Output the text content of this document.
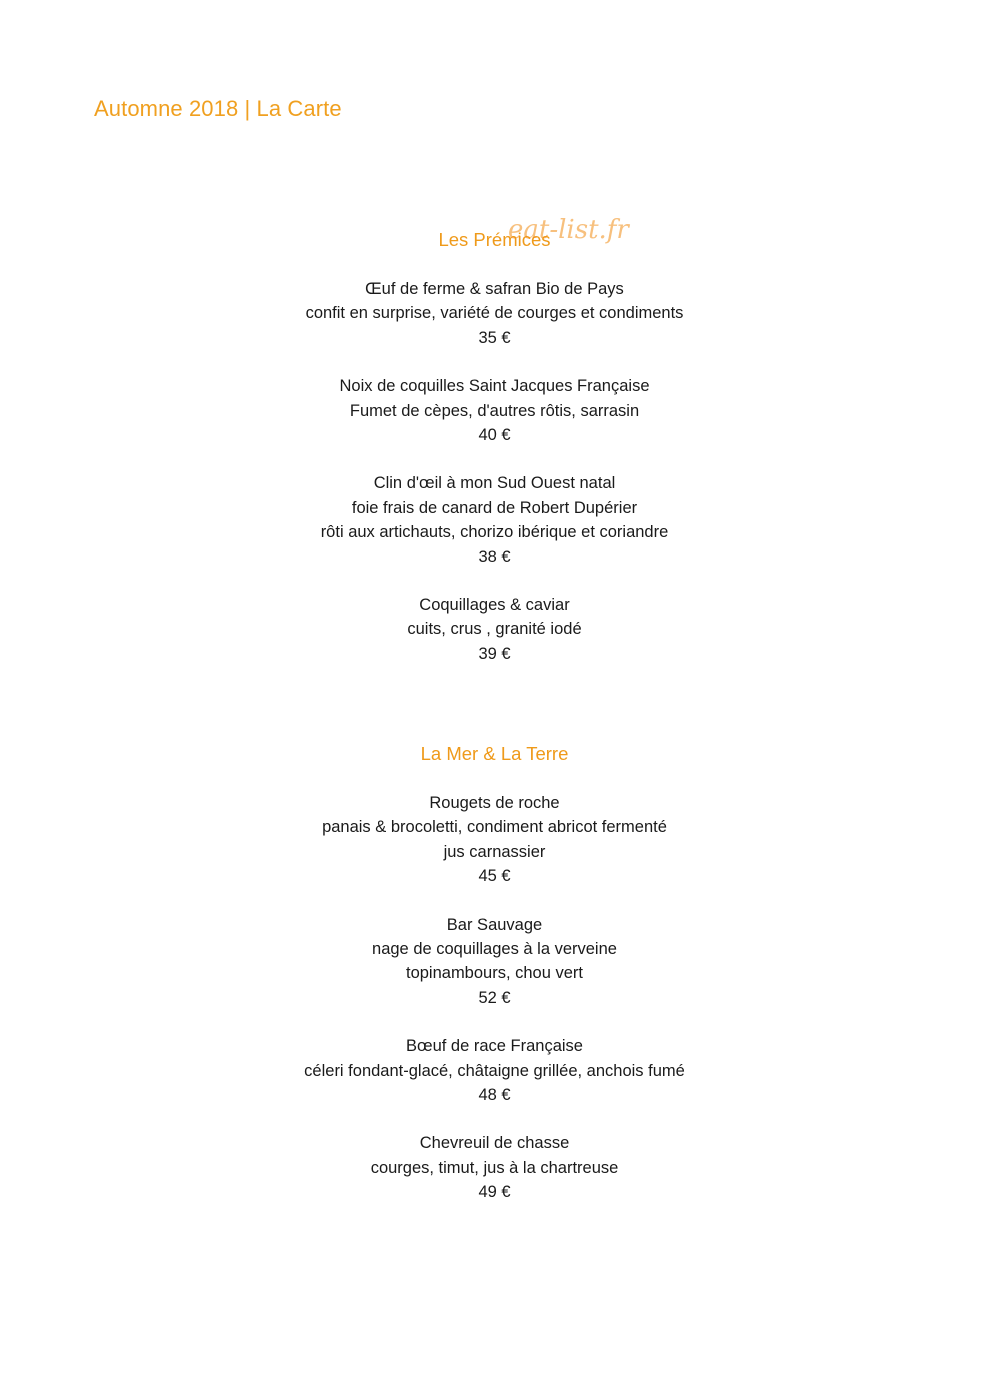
Automne 2018 | La Carte
Les Prémices
eat-list.fr
Œuf de ferme & safran Bio de Pays
confit en surprise, variété de courges et condiments
35 €
Noix de coquilles Saint Jacques Française
Fumet de cèpes, d'autres rôtis, sarrasin
40 €
Clin d'œil à mon Sud Ouest natal
foie frais de canard de Robert Dupérier
rôti aux artichauts, chorizo ibérique et coriandre
38 €
Coquillages & caviar
cuits, crus , granité iodé
39 €
La Mer & La Terre
Rougets de roche
panais & brocoletti, condiment abricot fermenté
jus carnassier
45 €
Bar Sauvage
nage de coquillages à la verveine
topinambours, chou vert
52 €
Bœuf de race Française
céleri fondant-glacé, châtaigne grillée, anchois fumé
48 €
Chevreuil de chasse
courges, timut, jus à la chartreuse
49 €
